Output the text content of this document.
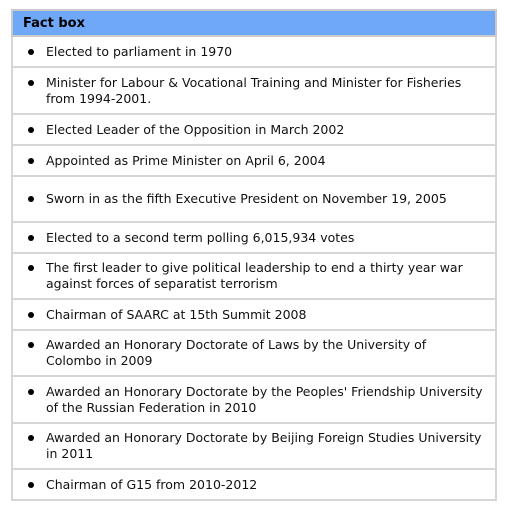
Fact box

Elected to parliament in 1970

Minister for Labour & Vocational Training and Minister for Fisheries from 1994-2001.

Elected Leader of the Opposition in March 2002

Appointed as Prime Minister on April 6, 2004

Sworn in as the fifth Executive President on November 19, 2005

Elected to a second term polling 6,015,934 votes

The first leader to give political leadership to end a thirty year war against forces of separatist terrorism

Chairman of SAARC at 15th Summit 2008

Awarded an Honorary Doctorate of Laws by the University of Colombo in 2009

Awarded an Honorary Doctorate by the Peoples' Friendship University of the Russian Federation in 2010

Awarded an Honorary Doctorate by Beijing Foreign Studies University in 2011

Chairman of G15 from 2010-2012
